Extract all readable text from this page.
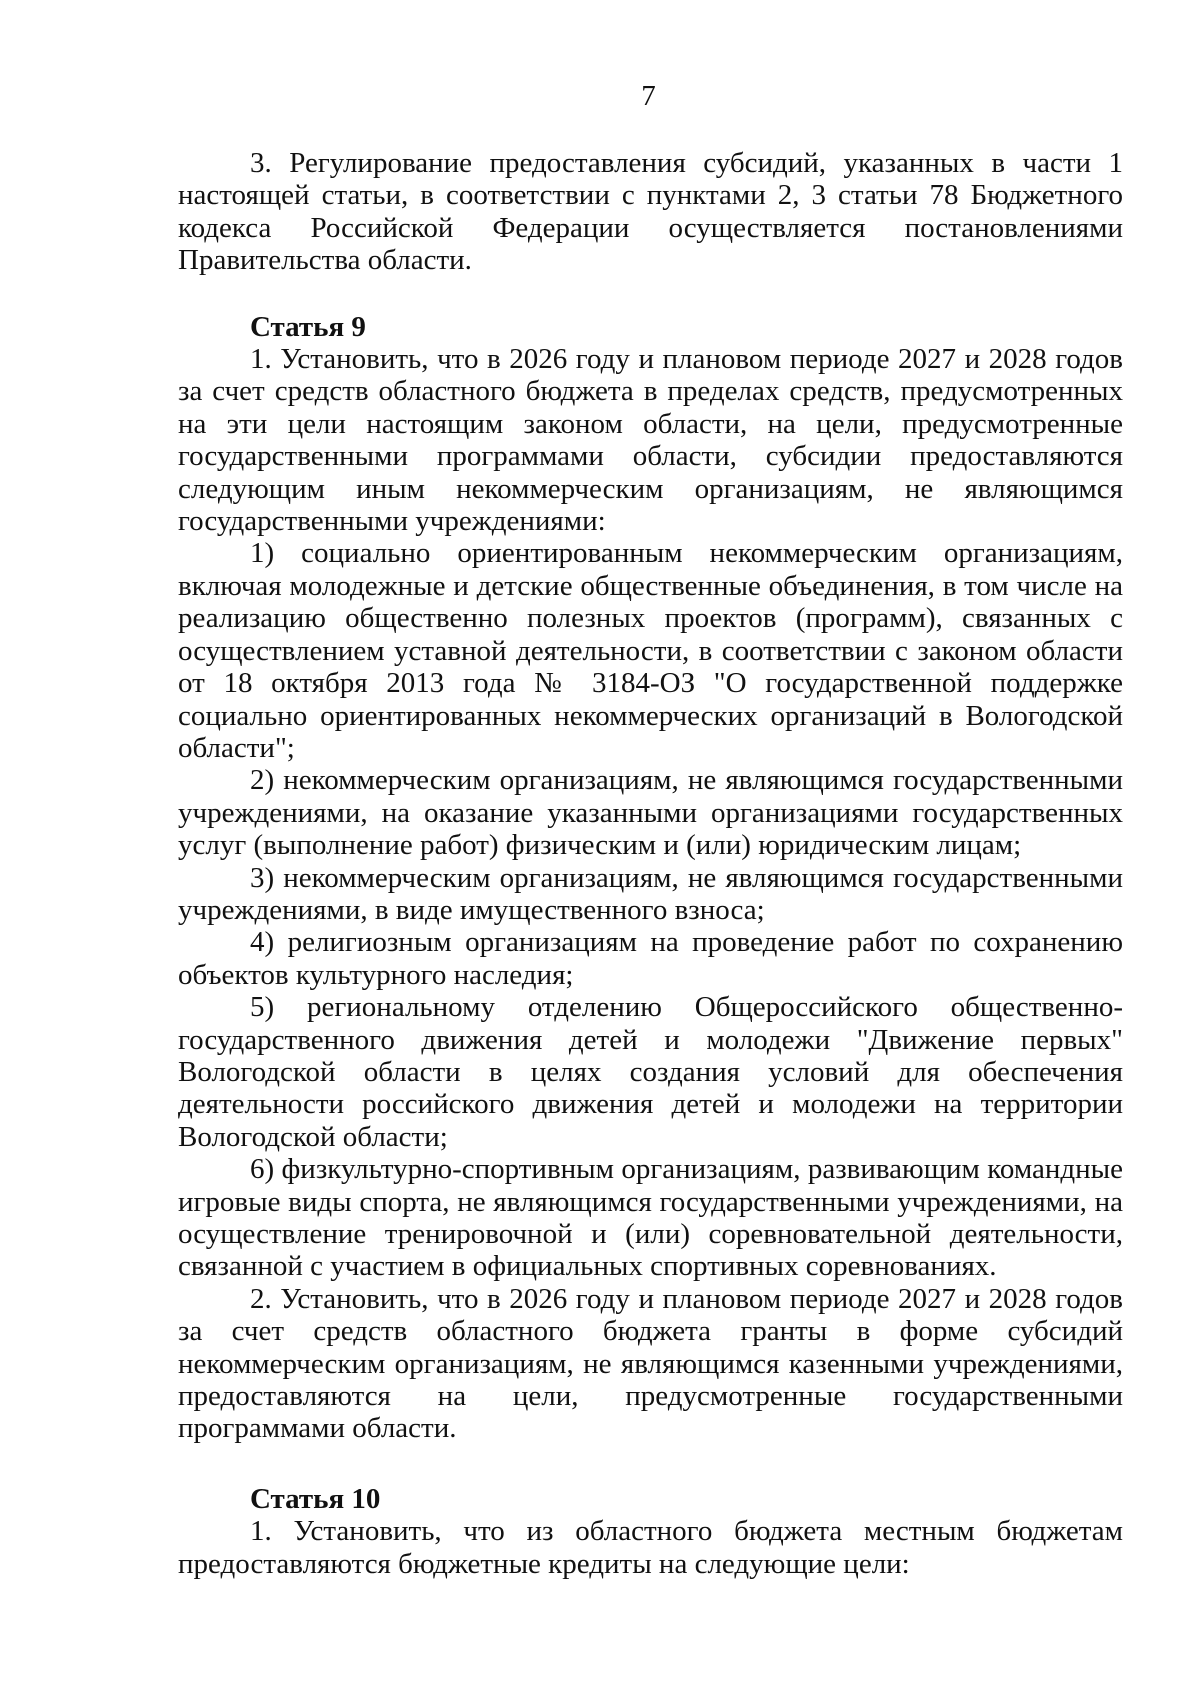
7

3. Регулирование предоставления субсидий, указанных в части 1 настоящей статьи, в соответствии с пунктами 2, 3 статьи 78 Бюджетного кодекса Российской Федерации осуществляется постановлениями Правительства области.

Статья 9

1. Установить, что в 2026 году и плановом периоде 2027 и 2028 годов за счет средств областного бюджета в пределах средств, предусмотренных на эти цели настоящим законом области, на цели, предусмотренные государственными программами области, субсидии предоставляются следующим иным некоммерческим организациям, не являющимся государственными учреждениями:

1) социально ориентированным некоммерческим организациям, включая молодежные и детские общественные объединения, в том числе на реализацию общественно полезных проектов (программ), связанных с осуществлением уставной деятельности, в соответствии с законом области от 18 октября 2013 года № 3184-ОЗ "О государственной поддержке социально ориентированных некоммерческих организаций в Вологодской области";

2) некоммерческим организациям, не являющимся государственными учреждениями, на оказание указанными организациями государственных услуг (выполнение работ) физическим и (или) юридическим лицам;

3) некоммерческим организациям, не являющимся государственными учреждениями, в виде имущественного взноса;

4) религиозным организациям на проведение работ по сохранению объектов культурного наследия;

5) региональному отделению Общероссийского общественно-государственного движения детей и молодежи "Движение первых" Вологодской области в целях создания условий для обеспечения деятельности российского движения детей и молодежи на территории Вологодской области;

6) физкультурно-спортивным организациям, развивающим командные игровые виды спорта, не являющимся государственными учреждениями, на осуществление тренировочной и (или) соревновательной деятельности, связанной с участием в официальных спортивных соревнованиях.

2. Установить, что в 2026 году и плановом периоде 2027 и 2028 годов за счет средств областного бюджета гранты в форме субсидий некоммерческим организациям, не являющимся казенными учреждениями, предоставляются на цели, предусмотренные государственными программами области.

Статья 10

1. Установить, что из областного бюджета местным бюджетам предоставляются бюджетные кредиты на следующие цели:
